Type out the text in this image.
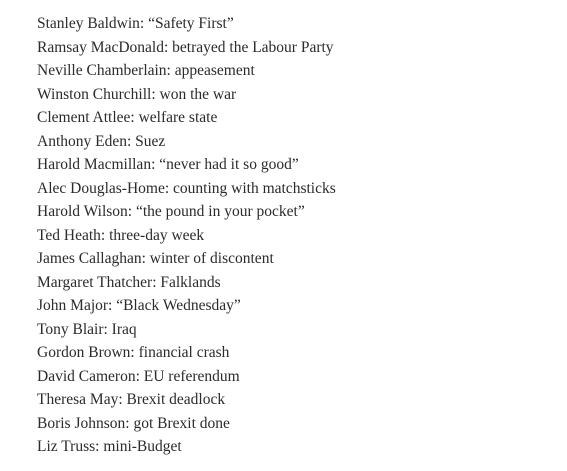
Stanley Baldwin: “Safety First”
Ramsay MacDonald: betrayed the Labour Party
Neville Chamberlain: appeasement
Winston Churchill: won the war
Clement Attlee: welfare state
Anthony Eden: Suez
Harold Macmillan: “never had it so good”
Alec Douglas-Home: counting with matchsticks
Harold Wilson: “the pound in your pocket”
Ted Heath: three-day week
James Callaghan: winter of discontent
Margaret Thatcher: Falklands
John Major: “Black Wednesday”
Tony Blair: Iraq
Gordon Brown: financial crash
David Cameron: EU referendum
Theresa May: Brexit deadlock
Boris Johnson: got Brexit done
Liz Truss: mini-Budget
